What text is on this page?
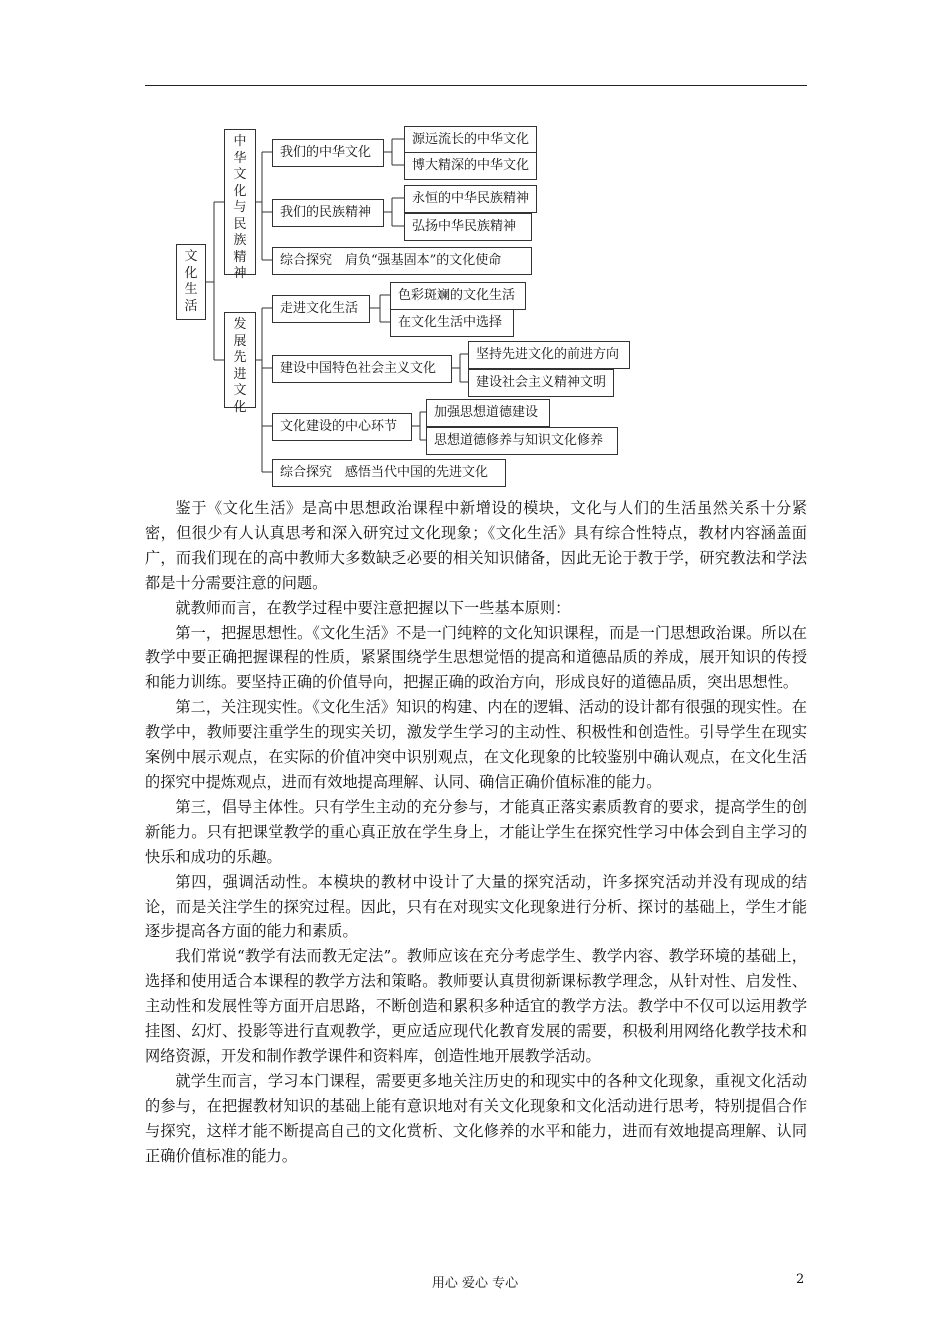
文化生活
中华文化与民族精神
发展先进文化
我们的中华文化
源远流长的中华文化
博大精深的中华文化
我们的民族精神
永恒的中华民族精神
弘扬中华民族精神
综合探究　肩负“强基固本”的文化使命
走进文化生活
色彩斑斓的文化生活
在文化生活中选择
建设中国特色社会主义文化
坚持先进文化的前进方向
建设社会主义精神文明
文化建设的中心环节
加强思想道德建设
思想道德修养与知识文化修养
综合探究　感悟当代中国的先进文化

鉴于《文化生活》是高中思想政治课程中新增设的模块，文化与人们的生活虽然关系十分紧密，但很少有人认真思考和深入研究过文化现象；《文化生活》具有综合性特点，教材内容涵盖面广，而我们现在的高中教师大多数缺乏必要的相关知识储备，因此无论于教于学，研究教法和学法都是十分需要注意的问题。

就教师而言，在教学过程中要注意把握以下一些基本原则：

第一，把握思想性。《文化生活》不是一门纯粹的文化知识课程，而是一门思想政治课。所以在教学中要正确把握课程的性质，紧紧围绕学生思想觉悟的提高和道德品质的养成，展开知识的传授和能力训练。要坚持正确的价值导向，把握正确的政治方向，形成良好的道德品质，突出思想性。

第二，关注现实性。《文化生活》知识的构建、内在的逻辑、活动的设计都有很强的现实性。在教学中，教师要注重学生的现实关切，激发学生学习的主动性、积极性和创造性。引导学生在现实案例中展示观点，在实际的价值冲突中识别观点，在文化现象的比较鉴别中确认观点，在文化生活的探究中提炼观点，进而有效地提高理解、认同、确信正确价值标准的能力。

第三，倡导主体性。只有学生主动的充分参与，才能真正落实素质教育的要求，提高学生的创新能力。只有把课堂教学的重心真正放在学生身上，才能让学生在探究性学习中体会到自主学习的快乐和成功的乐趣。

第四，强调活动性。本模块的教材中设计了大量的探究活动，许多探究活动并没有现成的结论，而是关注学生的探究过程。因此，只有在对现实文化现象进行分析、探讨的基础上，学生才能逐步提高各方面的能力和素质。

我们常说“教学有法而教无定法”。教师应该在充分考虑学生、教学内容、教学环境的基础上，选择和使用适合本课程的教学方法和策略。教师要认真贯彻新课标教学理念，从针对性、启发性、主动性和发展性等方面开启思路，不断创造和累积多种适宜的教学方法。教学中不仅可以运用教学挂图、幻灯、投影等进行直观教学，更应适应现代化教育发展的需要，积极利用网络化教学技术和网络资源，开发和制作教学课件和资料库，创造性地开展教学活动。

就学生而言，学习本门课程，需要更多地关注历史的和现实中的各种文化现象，重视文化活动的参与，在把握教材知识的基础上能有意识地对有关文化现象和文化活动进行思考，特别提倡合作与探究，这样才能不断提高自己的文化赏析、文化修养的水平和能力，进而有效地提高理解、认同正确价值标准的能力。

用心 爱心 专心	2
